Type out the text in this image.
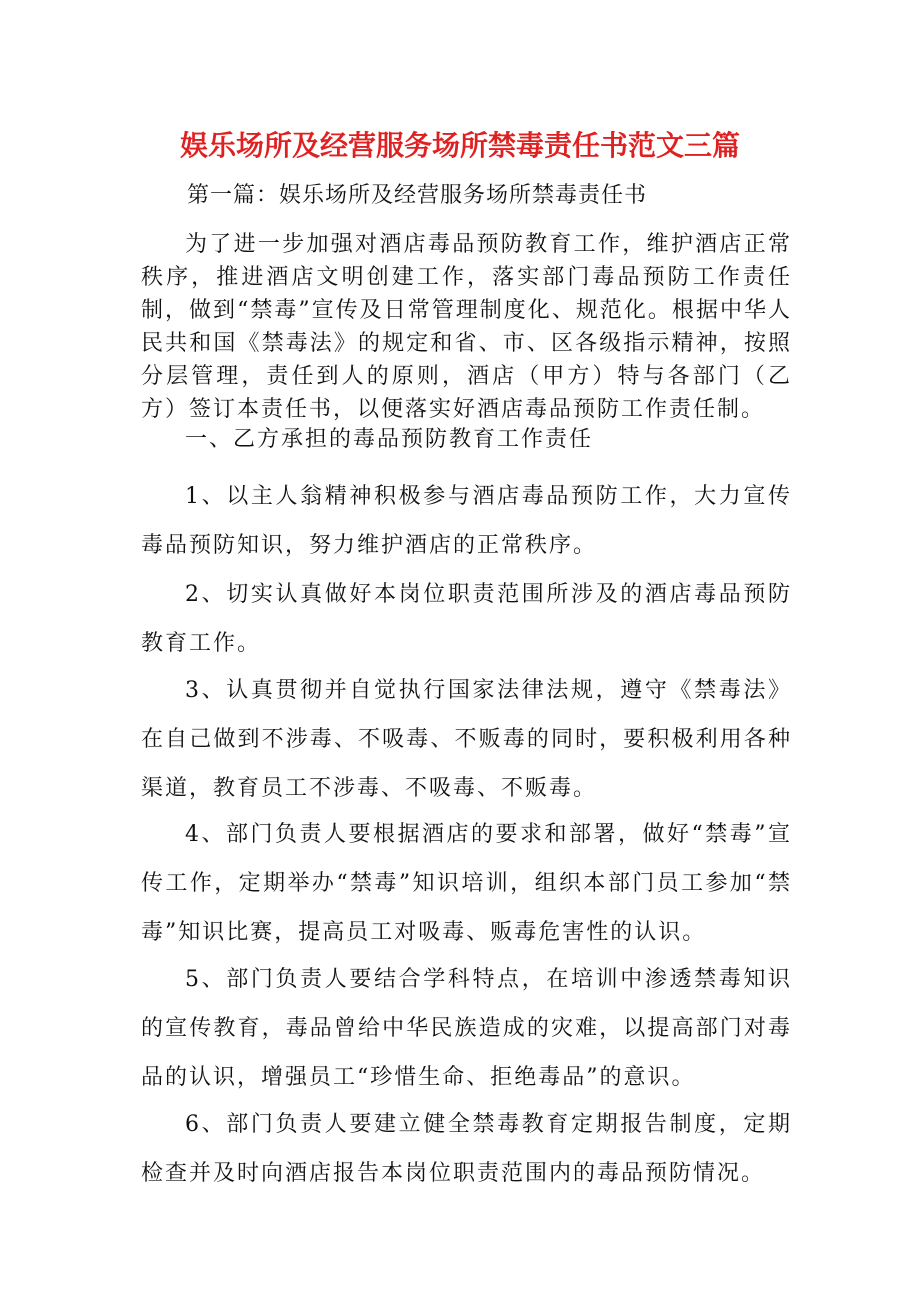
娱乐场所及经营服务场所禁毒责任书范文三篇
第一篇：娱乐场所及经营服务场所禁毒责任书

为了进一步加强对酒店毒品预防教育工作，维护酒店正常秩序，推进酒店文明创建工作，落实部门毒品预防工作责任制，做到“禁毒”宣传及日常管理制度化、规范化。根据中华人民共和国《禁毒法》的规定和省、市、区各级指示精神，按照分层管理，责任到人的原则，酒店（甲方）特与各部门（乙方）签订本责任书，以便落实好酒店毒品预防工作责任制。

一、乙方承担的毒品预防教育工作责任

1、以主人翁精神积极参与酒店毒品预防工作，大力宣传毒品预防知识，努力维护酒店的正常秩序。

2、切实认真做好本岗位职责范围所涉及的酒店毒品预防教育工作。

3、认真贯彻并自觉执行国家法律法规，遵守《禁毒法》在自己做到不涉毒、不吸毒、不贩毒的同时，要积极利用各种渠道，教育员工不涉毒、不吸毒、不贩毒。

4、部门负责人要根据酒店的要求和部署，做好“禁毒”宣传工作，定期举办“禁毒”知识培训，组织本部门员工参加“禁毒”知识比赛，提高员工对吸毒、贩毒危害性的认识。

5、部门负责人要结合学科特点，在培训中渗透禁毒知识的宣传教育，毒品曾给中华民族造成的灾难，以提高部门对毒品的认识，增强员工“珍惜生命、拒绝毒品”的意识。

6、部门负责人要建立健全禁毒教育定期报告制度，定期检查并及时向酒店报告本岗位职责范围内的毒品预防情况。
